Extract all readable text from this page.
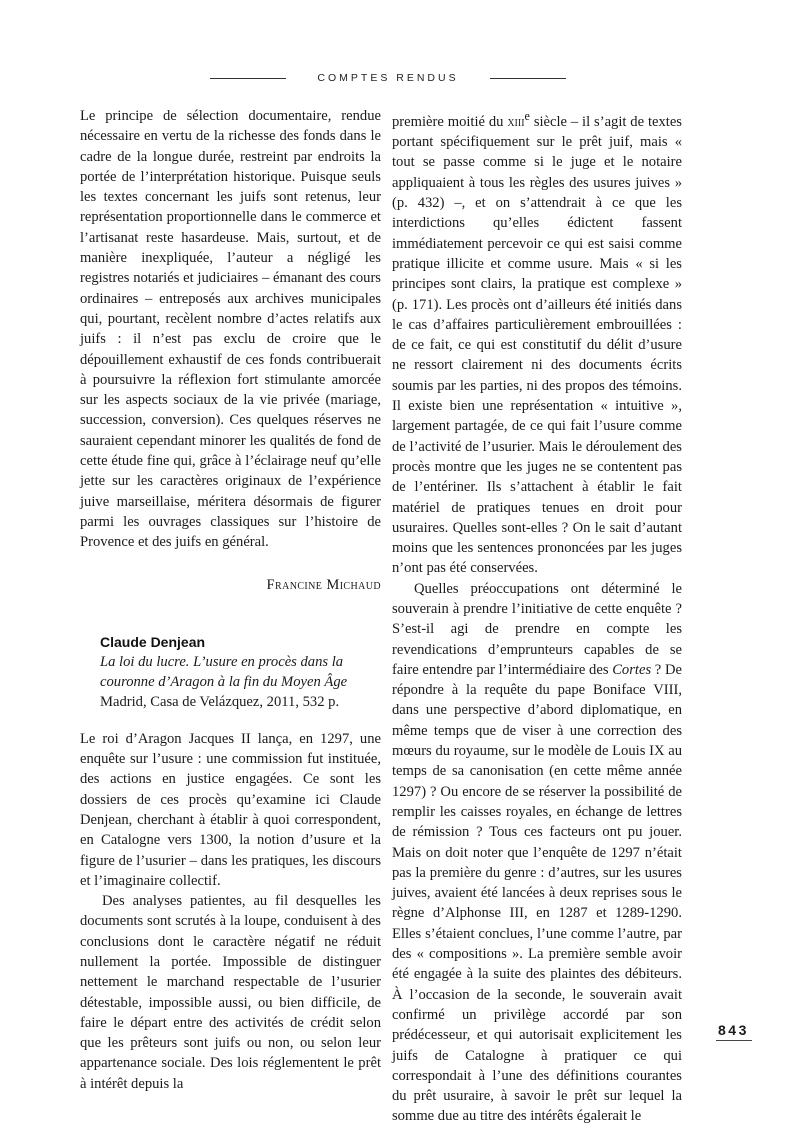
COMPTES RENDUS

Le principe de sélection documentaire, rendue nécessaire en vertu de la richesse des fonds dans le cadre de la longue durée, restreint par endroits la portée de l’interprétation historique. Puisque seuls les textes concernant les juifs sont retenus, leur représentation proportionnelle dans le commerce et l’artisanat reste hasardeuse. Mais, surtout, et de manière inexpliquée, l’auteur a négligé les registres notariés et judiciaires – émanant des cours ordinaires – entreposés aux archives municipales qui, pourtant, recèlent nombre d’actes relatifs aux juifs : il n’est pas exclu de croire que le dépouillement exhaustif de ces fonds contribuerait à poursuivre la réflexion fort stimulante amorcée sur les aspects sociaux de la vie privée (mariage, succession, conversion). Ces quelques réserves ne sauraient cependant minorer les qualités de fond de cette étude fine qui, grâce à l’éclairage neuf qu’elle jette sur les caractères originaux de l’expérience juive marseillaise, méritera désormais de figurer parmi les ouvrages classiques sur l’histoire de Provence et des juifs en général.

Francine Michaud
Claude Denjean
La loi du lucre. L’usure en procès dans la couronne d’Aragon à la fin du Moyen Âge
Madrid, Casa de Velázquez, 2011, 532 p.

Le roi d’Aragon Jacques II lança, en 1297, une enquête sur l’usure : une commission fut instituée, des actions en justice engagées. Ce sont les dossiers de ces procès qu’examine ici Claude Denjean, cherchant à établir à quoi correspondent, en Catalogne vers 1300, la notion d’usure et la figure de l’usurier – dans les pratiques, les discours et l’imaginaire collectif.

Des analyses patientes, au fil desquelles les documents sont scrutés à la loupe, conduisent à des conclusions dont le caractère négatif ne réduit nullement la portée. Impossible de distinguer nettement le marchand respectable de l’usurier détestable, impossible aussi, ou bien difficile, de faire le départ entre des activités de crédit selon que les prêteurs sont juifs ou non, ou selon leur appartenance sociale. Des lois réglementent le prêt à intérêt depuis la

première moitié du xiii$^e$ siècle – il s’agit de textes portant spécifiquement sur le prêt juif, mais « tout se passe comme si le juge et le notaire appliquaient à tous les règles des usures juives » (p. 432) –, et on s’attendrait à ce que les interdictions qu’elles édictent fassent immédiatement percevoir ce qui est saisi comme pratique illicite et comme usure. Mais « si les principes sont clairs, la pratique est complexe » (p. 171). Les procès ont d’ailleurs été initiés dans le cas d’affaires particulièrement embrouillées : de ce fait, ce qui est constitutif du délit d’usure ne ressort clairement ni des documents écrits soumis par les parties, ni des propos des témoins. Il existe bien une représentation « intuitive », largement partagée, de ce qui fait l’usure comme de l’activité de l’usurier. Mais le déroulement des procès montre que les juges ne se contentent pas de l’entériner. Ils s’attachent à établir le fait matériel de pratiques tenues en droit pour usuraires. Quelles sont-elles ? On le sait d’autant moins que les sentences prononcées par les juges n’ont pas été conservées.

Quelles préoccupations ont déterminé le souverain à prendre l’initiative de cette enquête ? S’est-il agi de prendre en compte les revendications d’emprunteurs capables de se faire entendre par l’intermédiaire des Cortes ? De répondre à la requête du pape Boniface VIII, dans une perspective d’abord diplomatique, en même temps que de viser à une correction des mœurs du royaume, sur le modèle de Louis IX au temps de sa canonisation (en cette même année 1297) ? Ou encore de se réserver la possibilité de remplir les caisses royales, en échange de lettres de rémission ? Tous ces facteurs ont pu jouer. Mais on doit noter que l’enquête de 1297 n’était pas la première du genre : d’autres, sur les usures juives, avaient été lancées à deux reprises sous le règne d’Alphonse III, en 1287 et 1289-1290. Elles s’étaient conclues, l’une comme l’autre, par des « compositions ». La première semble avoir été engagée à la suite des plaintes des débiteurs. À l’occasion de la seconde, le souverain avait confirmé un privilège accordé par son prédécesseur, et qui autorisait explicitement les juifs de Catalogne à pratiquer ce qui correspondait à l’une des définitions courantes du prêt usuraire, à savoir le prêt sur lequel la somme due au titre des intérêts égalerait le

843
